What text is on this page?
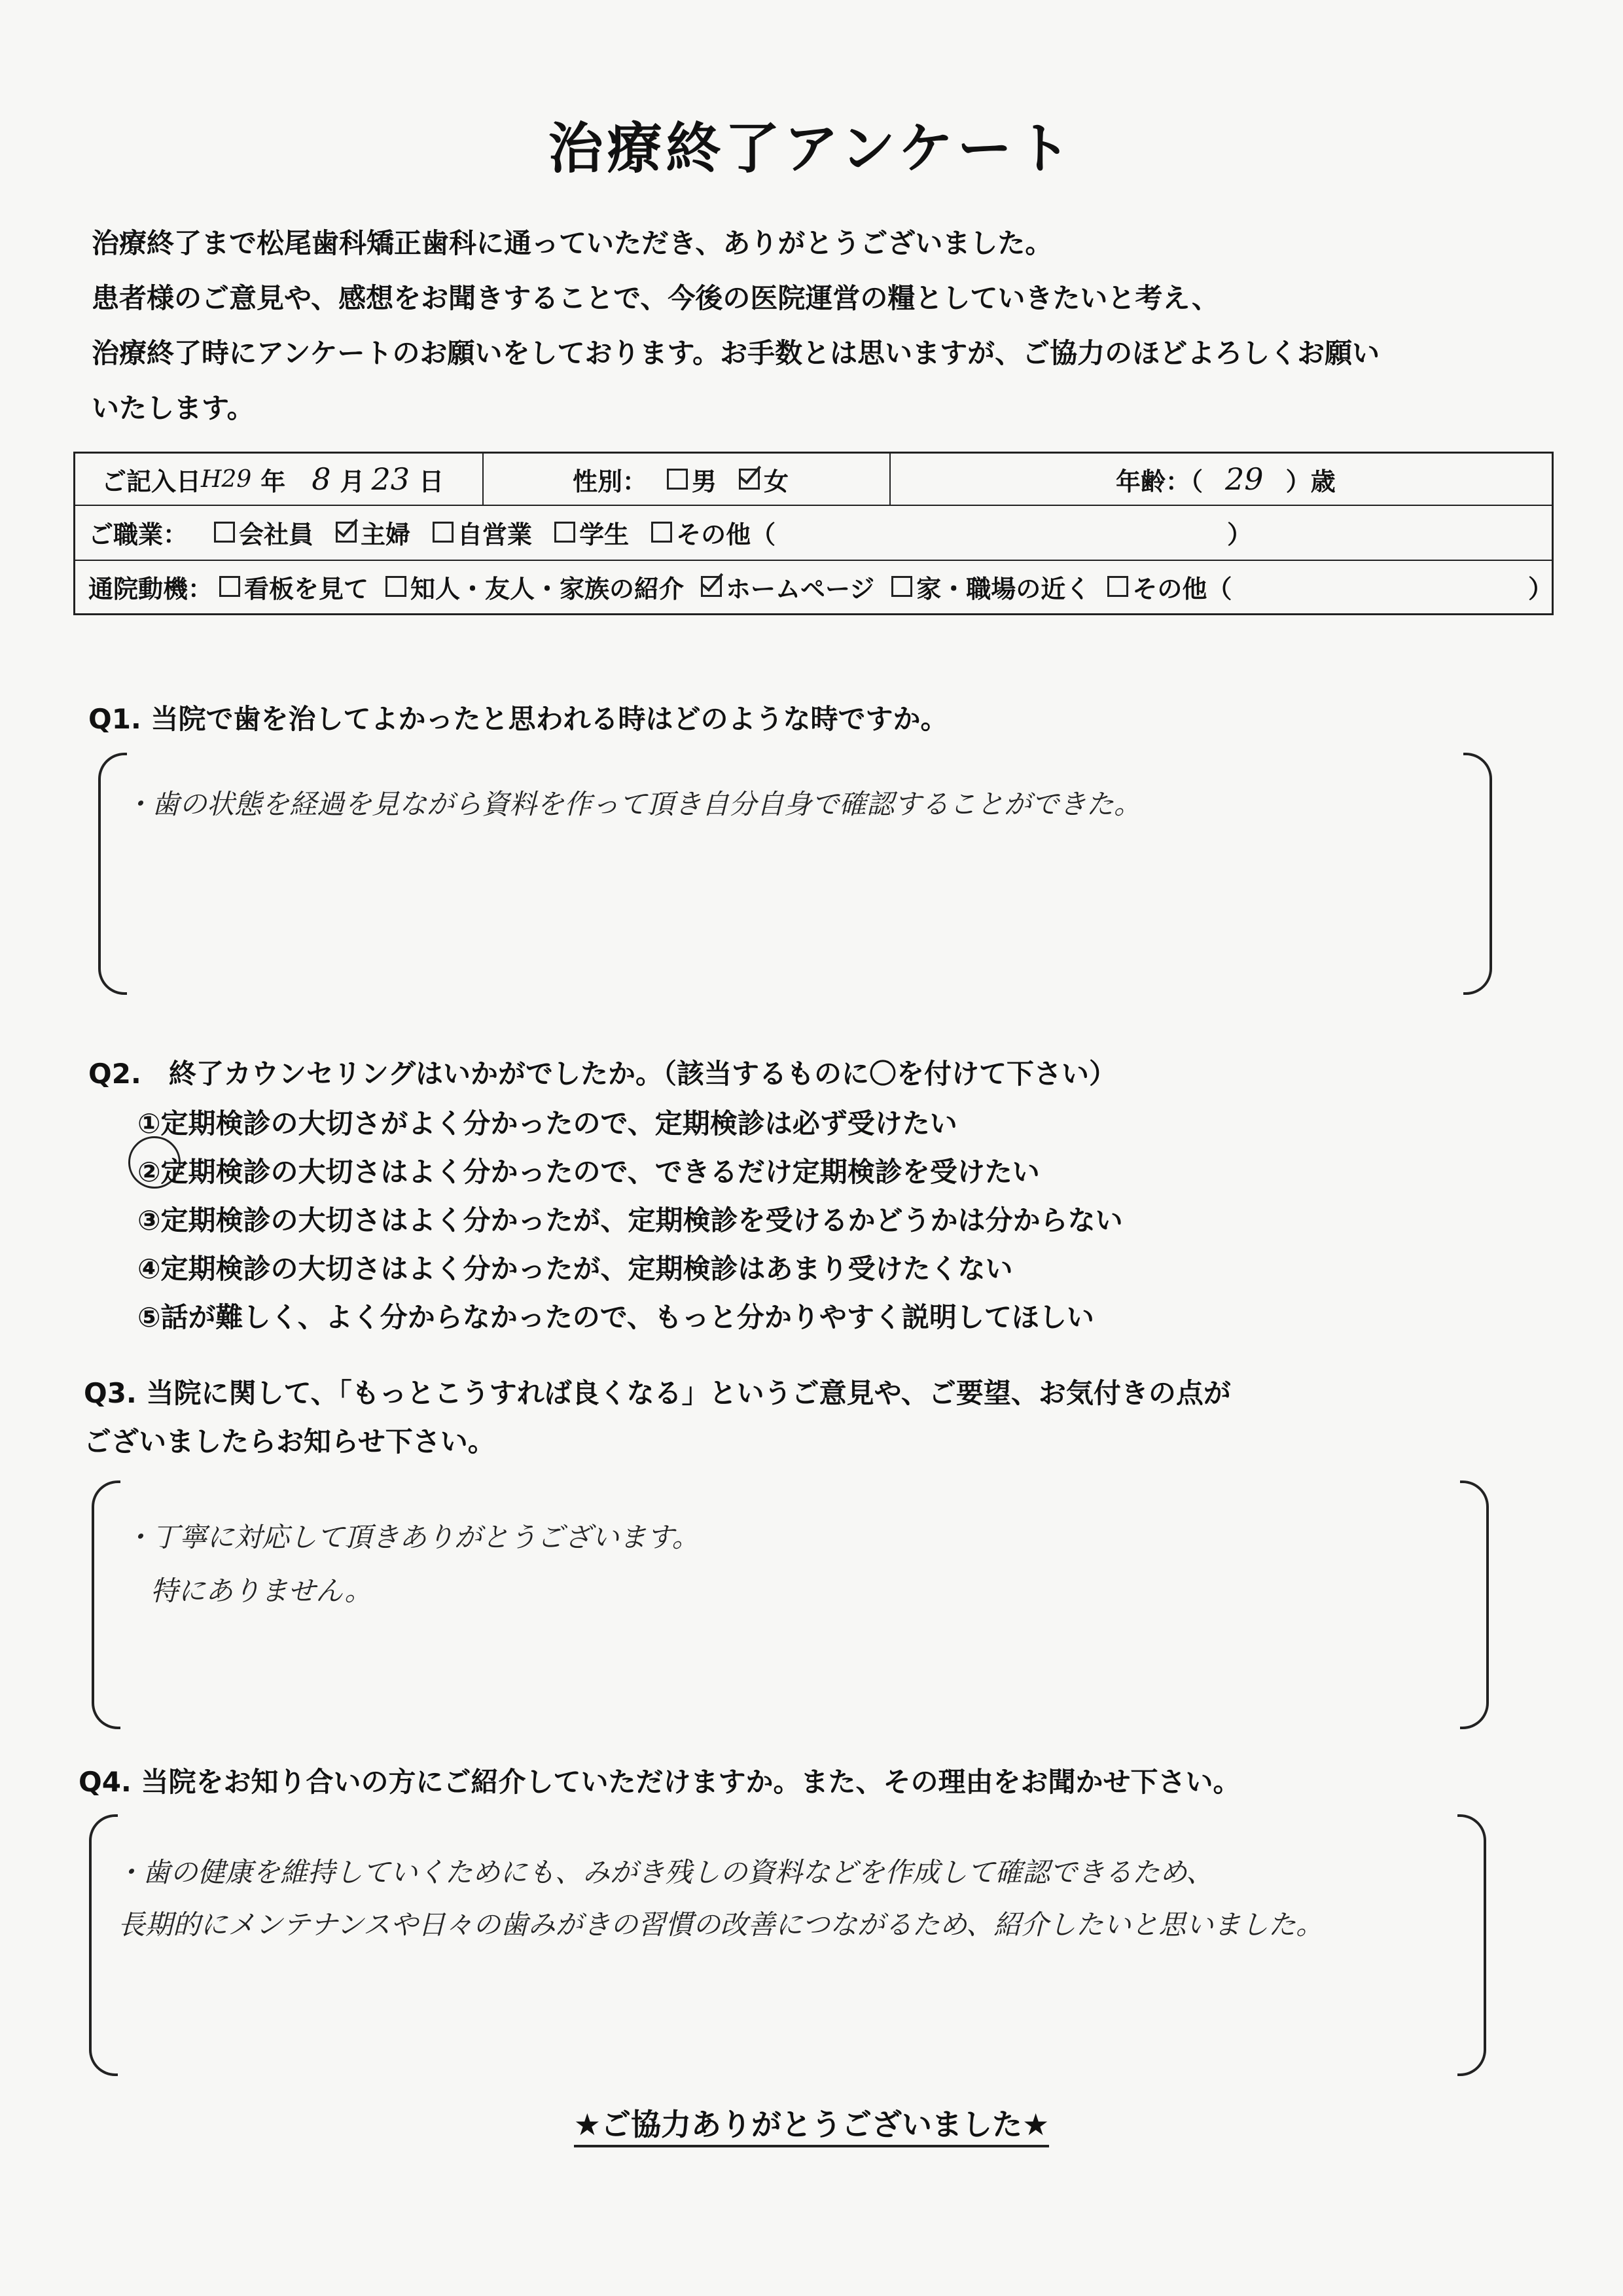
治療終了アンケート
治療終了まで松尾歯科矯正歯科に通っていただき、ありがとうございました。
患者様のご意見や、感想をお聞きすることで、今後の医院運営の糧としていきたいと考え、
治療終了時にアンケートのお願いをしております。お手数とは思いますが、ご協力のほどよろしくお願い
いたします。
ご記入日 H29 年 8 月 23 日	性別： 男 女	年齢：（ 29 ）歳
ご職業： 会社員 主婦 自営業 学生 その他（	）
通院動機： 看板を見て 知人・友人・家族の紹介 ホームページ 家・職場の近く その他（	）
Q1. 当院で歯を治してよかったと思われる時はどのような時ですか。
・歯の状態を経過を見ながら資料を作って頂き自分自身で確認することができた。
Q2.　終了カウンセリングはいかがでしたか。（該当するものに〇を付けて下さい）
①定期検診の大切さがよく分かったので、定期検診は必ず受けたい
②定期検診の大切さはよく分かったので、できるだけ定期検診を受けたい
③定期検診の大切さはよく分かったが、定期検診を受けるかどうかは分からない
④定期検診の大切さはよく分かったが、定期検診はあまり受けたくない
⑤話が難しく、よく分からなかったので、もっと分かりやすく説明してほしい
Q3. 当院に関して、「もっとこうすれば良くなる」というご意見や、ご要望、お気付きの点が
ございましたらお知らせ下さい。
・丁寧に対応して頂きありがとうございます。
特にありません。
Q4. 当院をお知り合いの方にご紹介していただけますか。また、その理由をお聞かせ下さい。
・歯の健康を維持していくためにも、みがき残しの資料などを作成して確認できるため、
長期的にメンテナンスや日々の歯みがきの習慣の改善につながるため、紹介したいと思いました。
★ご協力ありがとうございました★
